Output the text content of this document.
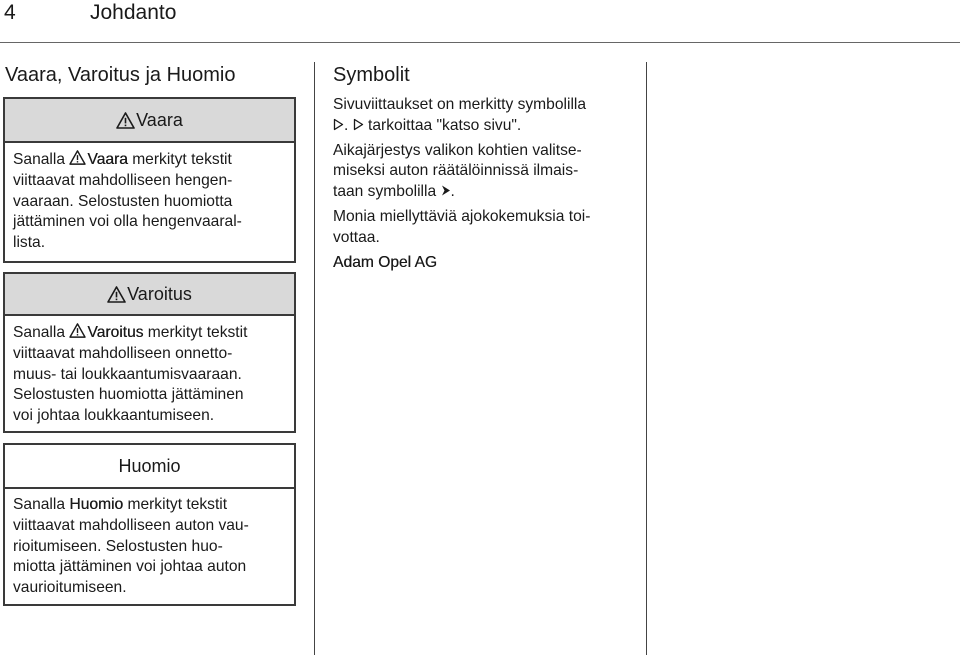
4	Johdanto
Vaara, Varoitus ja Huomio
Vaara
Sanalla Vaara merkityt tekstit
viittaavat mahdolliseen hengen-
vaaraan. Selostusten huomiotta
jättäminen voi olla hengenvaaral-
lista.
Varoitus
Sanalla Varoitus merkityt tekstit
viittaavat mahdolliseen onnetto-
muus- tai loukkaantumisvaaraan.
Selostusten huomiotta jättäminen
voi johtaa loukkaantumiseen.
Huomio
Sanalla Huomio merkityt tekstit
viittaavat mahdolliseen auton vau-
rioitumiseen. Selostusten huo-
miotta jättäminen voi johtaa auton
vaurioitumiseen.
Symbolit
Sivuviittaukset on merkitty symbolilla
. tarkoittaa "katso sivu".
Aikajärjestys valikon kohtien valitse-
miseksi auton räätälöinnissä ilmais-
taan symbolilla .
Monia miellyttäviä ajokokemuksia toi-
vottaa.
Adam Opel AG
